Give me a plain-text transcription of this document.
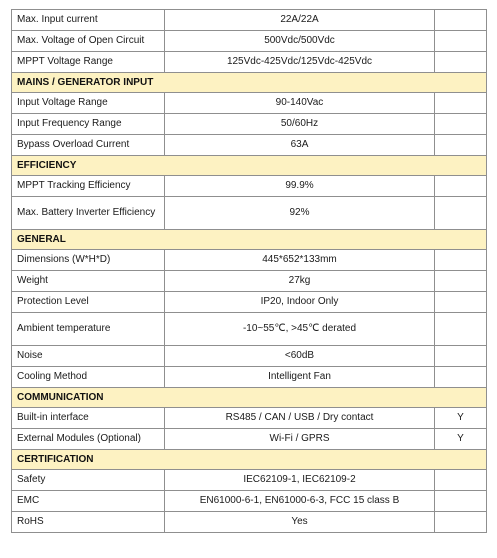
Max. Input current	22A/22A	
Max. Voltage of Open Circuit	500Vdc/500Vdc	
MPPT Voltage Range	125Vdc-425Vdc/125Vdc-425Vdc	
MAINS / GENERATOR INPUT		
Input Voltage Range	90-140Vac	
Input Frequency Range	50/60Hz	
Bypass Overload Current	63A	
EFFICIENCY		
MPPT Tracking Efficiency	99.9%	
Max. Battery Inverter Efficiency	92%	
GENERAL		
Dimensions (W*H*D)	445*652*133mm	
Weight	27kg	
Protection Level	IP20, Indoor Only	
Ambient temperature	-10~55℃, >45℃ derated	
Noise	<60dB	
Cooling Method	Intelligent Fan	
COMMUNICATION		
Built-in interface	RS485 / CAN / USB / Dry contact	Y
External Modules (Optional)	Wi-Fi / GPRS	Y
CERTIFICATION		
Safety	IEC62109-1, IEC62109-2	
EMC	EN61000-6-1, EN61000-6-3, FCC 15 class B	
RoHS	Yes	
